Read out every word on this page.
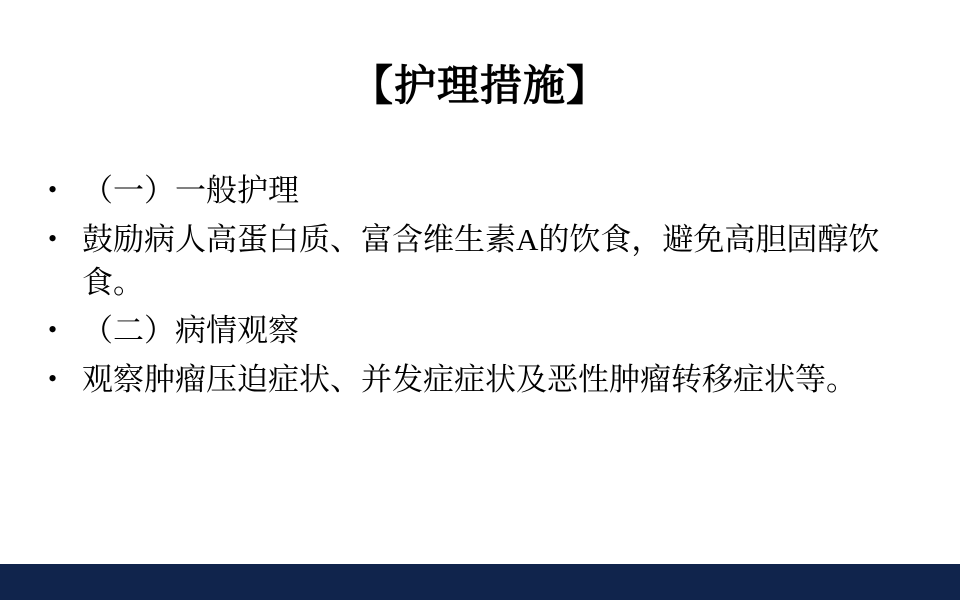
【护理措施】
• （一）一般护理
• 鼓励病人高蛋白质、富含维生素A的饮食，避免高胆固醇饮食。
• （二）病情观察
• 观察肿瘤压迫症状、并发症症状及恶性肿瘤转移症状等。
